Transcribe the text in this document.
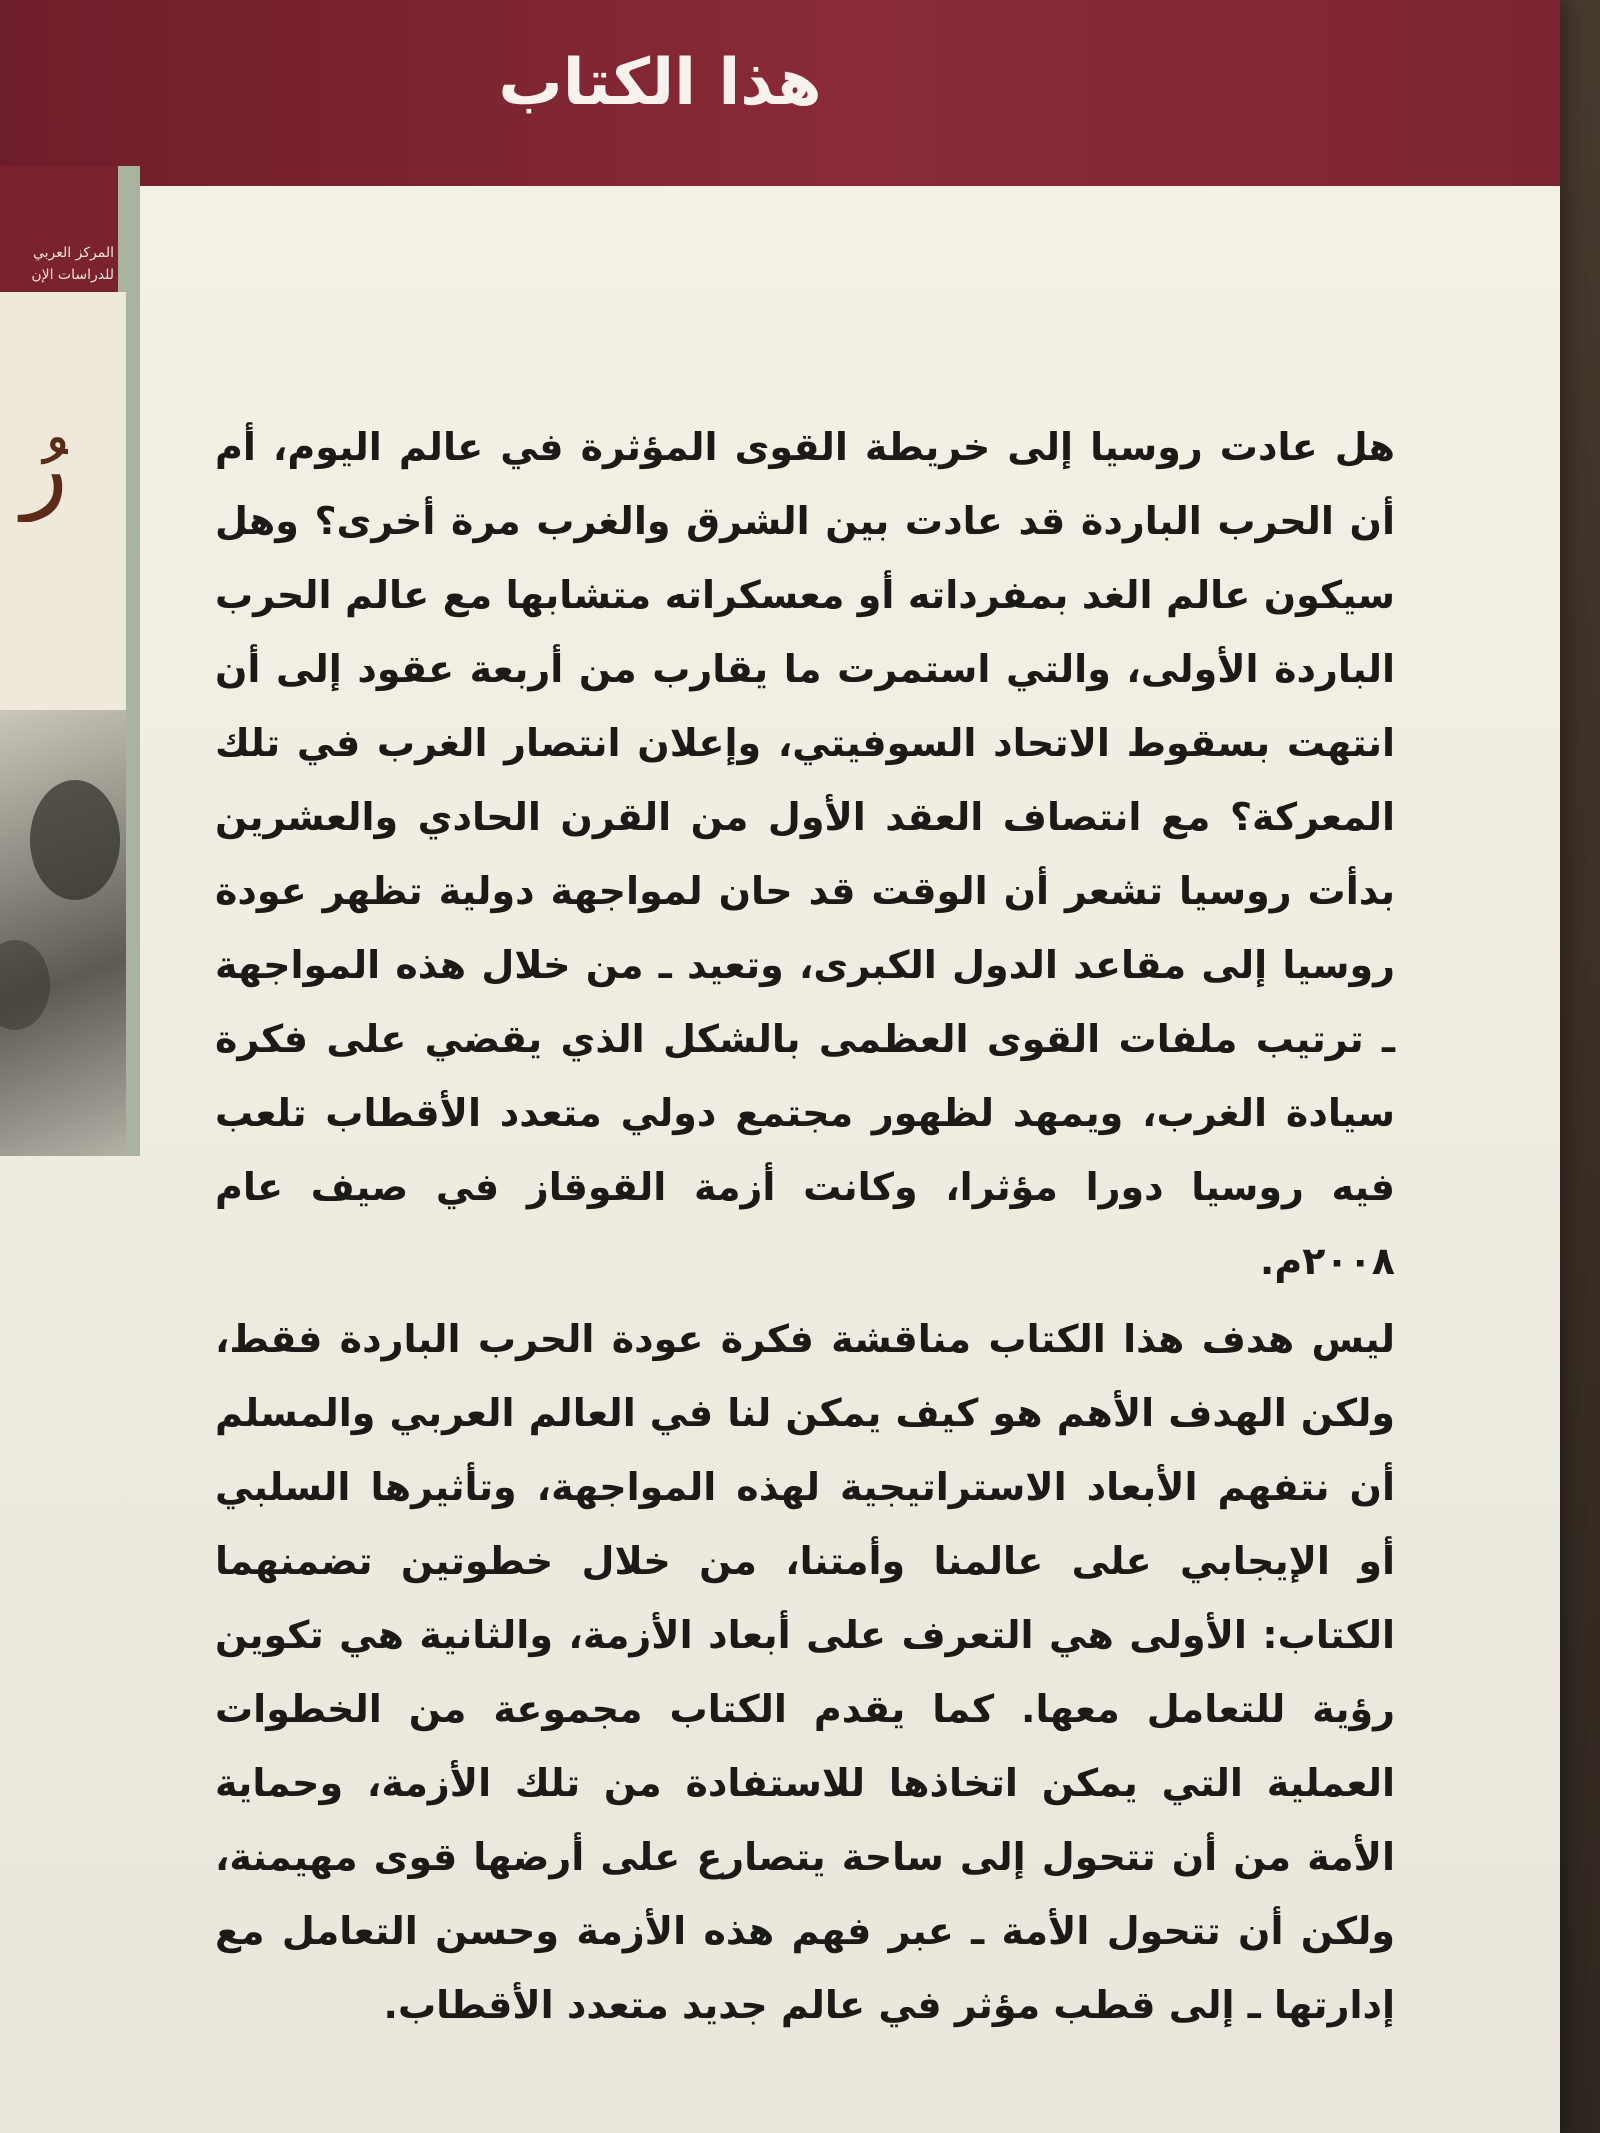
هذا الكتاب
المركز العربي
للدراسات الإن
رُ	هل عادت روسيا إلى خريطة القوى المؤثرة في عالم اليوم، أم أن الحرب الباردة قد عادت بين الشرق والغرب مرة أخرى؟ وهل سيكون عالم الغد بمفرداته أو معسكراته متشابها مع عالم الحرب الباردة الأولى، والتي استمرت ما يقارب من أربعة عقود إلى أن انتهت بسقوط الاتحاد السوفيتي، وإعلان انتصار الغرب في تلك المعركة؟ مع انتصاف العقد الأول من القرن الحادي والعشرين بدأت روسيا تشعر أن الوقت قد حان لمواجهة دولية تظهر عودة روسيا إلى مقاعد الدول الكبرى، وتعيد ـ من خلال هذه المواجهة ـ ترتيب ملفات القوى العظمى بالشكل الذي يقضي على فكرة سيادة الغرب، ويمهد لظهور مجتمع دولي متعدد الأقطاب تلعب فيه روسيا دورا مؤثرا، وكانت أزمة القوقاز في صيف عام ٢٠٠٨م.

ليس هدف هذا الكتاب مناقشة فكرة عودة الحرب الباردة فقط، ولكن الهدف الأهم هو كيف يمكن لنا في العالم العربي والمسلم أن نتفهم الأبعاد الاستراتيجية لهذه المواجهة، وتأثيرها السلبي أو الإيجابي على عالمنا وأمتنا، من خلال خطوتين تضمنهما الكتاب: الأولى هي التعرف على أبعاد الأزمة، والثانية هي تكوين رؤية للتعامل معها. كما يقدم الكتاب مجموعة من الخطوات العملية التي يمكن اتخاذها للاستفادة من تلك الأزمة، وحماية الأمة من أن تتحول إلى ساحة يتصارع على أرضها قوى مهيمنة، ولكن أن تتحول الأمة ـ عبر فهم هذه الأزمة وحسن التعامل مع إدارتها ـ إلى قطب مؤثر في عالم جديد متعدد الأقطاب.
